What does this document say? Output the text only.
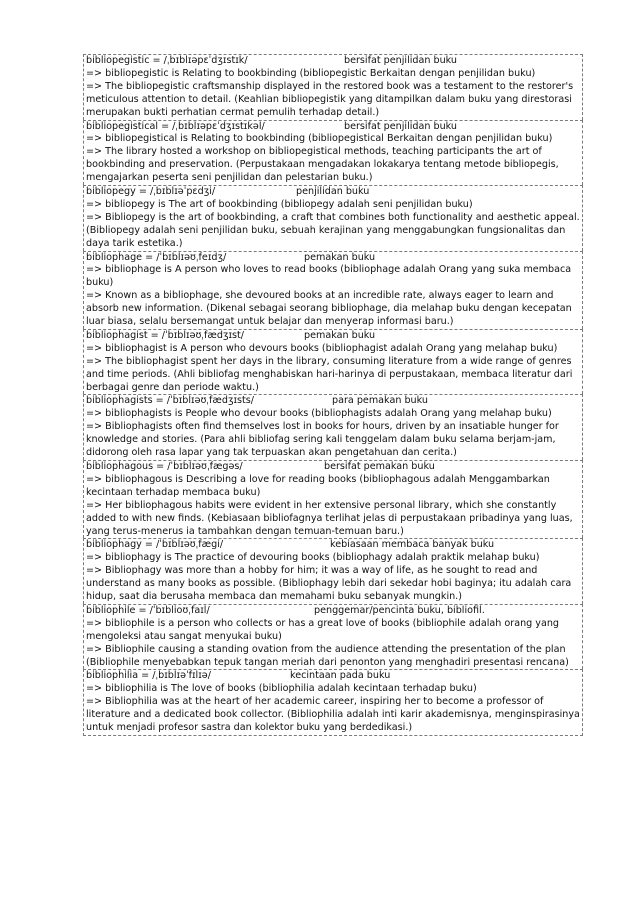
bibliopegistic = /ˌbɪblɪəpɛˈdʒɪstɪk/	bersifat penjilidan buku
=> bibliopegistic is Relating to bookbinding (bibliopegistic Berkaitan dengan penjilidan buku)
=> The bibliopegistic craftsmanship displayed in the restored book was a testament to the restorer's meticulous attention to detail. (Keahlian bibliopegistik yang ditampilkan dalam buku yang direstorasi merupakan bukti perhatian cermat pemulih terhadap detail.)
bibliopegistical = /ˌbɪblɪəpɛˈdʒɪstɪkəl/	bersifat penjilidan buku
=> bibliopegistical is Relating to bookbinding (bibliopegistical Berkaitan dengan penjilidan buku)
=> The library hosted a workshop on bibliopegistical methods, teaching participants the art of bookbinding and preservation. (Perpustakaan mengadakan lokakarya tentang metode bibliopegis, mengajarkan peserta seni penjilidan dan pelestarian buku.)
bibliopegy = /ˌbɪblɪəˈpɛdʒi/	penjilidan buku
=> bibliopegy is The art of bookbinding (bibliopegy adalah seni penjilidan buku)
=> Bibliopegy is the art of bookbinding, a craft that combines both functionality and aesthetic appeal. (Bibliopegy adalah seni penjilidan buku, sebuah kerajinan yang menggabungkan fungsionalitas dan daya tarik estetika.)
bibliophage = /ˈbɪblɪəʊˌfeɪdʒ/	pemakan buku
=> bibliophage is A person who loves to read books (bibliophage adalah Orang yang suka membaca buku)
=> Known as a bibliophage, she devoured books at an incredible rate, always eager to learn and absorb new information. (Dikenal sebagai seorang bibliophage, dia melahap buku dengan kecepatan luar biasa, selalu bersemangat untuk belajar dan menyerap informasi baru.)
bibliophagist = /ˈbɪblɪəʊˌfædʒɪst/	pemakan buku
=> bibliophagist is A person who devours books (bibliophagist adalah Orang yang melahap buku)
=> The bibliophagist spent her days in the library, consuming literature from a wide range of genres and time periods. (Ahli bibliofag menghabiskan hari-harinya di perpustakaan, membaca literatur dari berbagai genre dan periode waktu.)
bibliophagists = /ˈbɪblɪəʊˌfædʒɪsts/	para pemakan buku
=> bibliophagists is People who devour books (bibliophagists adalah Orang yang melahap buku)
=> Bibliophagists often find themselves lost in books for hours, driven by an insatiable hunger for knowledge and stories. (Para ahli bibliofag sering kali tenggelam dalam buku selama berjam-jam, didorong oleh rasa lapar yang tak terpuaskan akan pengetahuan dan cerita.)
bibliophagous = /ˈbɪblɪəʊˌfægəs/	bersifat pemakan buku
=> bibliophagous is Describing a love for reading books (bibliophagous adalah Menggambarkan kecintaan terhadap membaca buku)
=> Her bibliophagous habits were evident in her extensive personal library, which she constantly added to with new finds. (Kebiasaan bibliofagnya terlihat jelas di perpustakaan pribadinya yang luas, yang terus-menerus ia tambahkan dengan temuan-temuan baru.)
bibliophagy = /ˈbɪblɪəʊˌfægi/	kebiasaan membaca banyak buku
=> bibliophagy is The practice of devouring books (bibliophagy adalah praktik melahap buku)
=> Bibliophagy was more than a hobby for him; it was a way of life, as he sought to read and understand as many books as possible. (Bibliophagy lebih dari sekedar hobi baginya; itu adalah cara hidup, saat dia berusaha membaca dan memahami buku sebanyak mungkin.)
bibliophile = /ˈbɪblioʊˌfaɪl/	penggemar/pencinta buku, bibliofil.
=> bibliophile is a person who collects or has a great love of books (bibliophile adalah orang yang mengoleksi atau sangat menyukai buku)
=> Bibliophile causing a standing ovation from the audience attending the presentation of the plan (Bibliophile menyebabkan tepuk tangan meriah dari penonton yang menghadiri presentasi rencana)
bibliophilia = /ˌbɪblɪəˈfɪlɪə/	kecintaan pada buku
=> bibliophilia is The love of books (bibliophilia adalah kecintaan terhadap buku)
=> Bibliophilia was at the heart of her academic career, inspiring her to become a professor of literature and a dedicated book collector. (Bibliophilia adalah inti karir akademisnya, menginspirasinya untuk menjadi profesor sastra dan kolektor buku yang berdedikasi.)
